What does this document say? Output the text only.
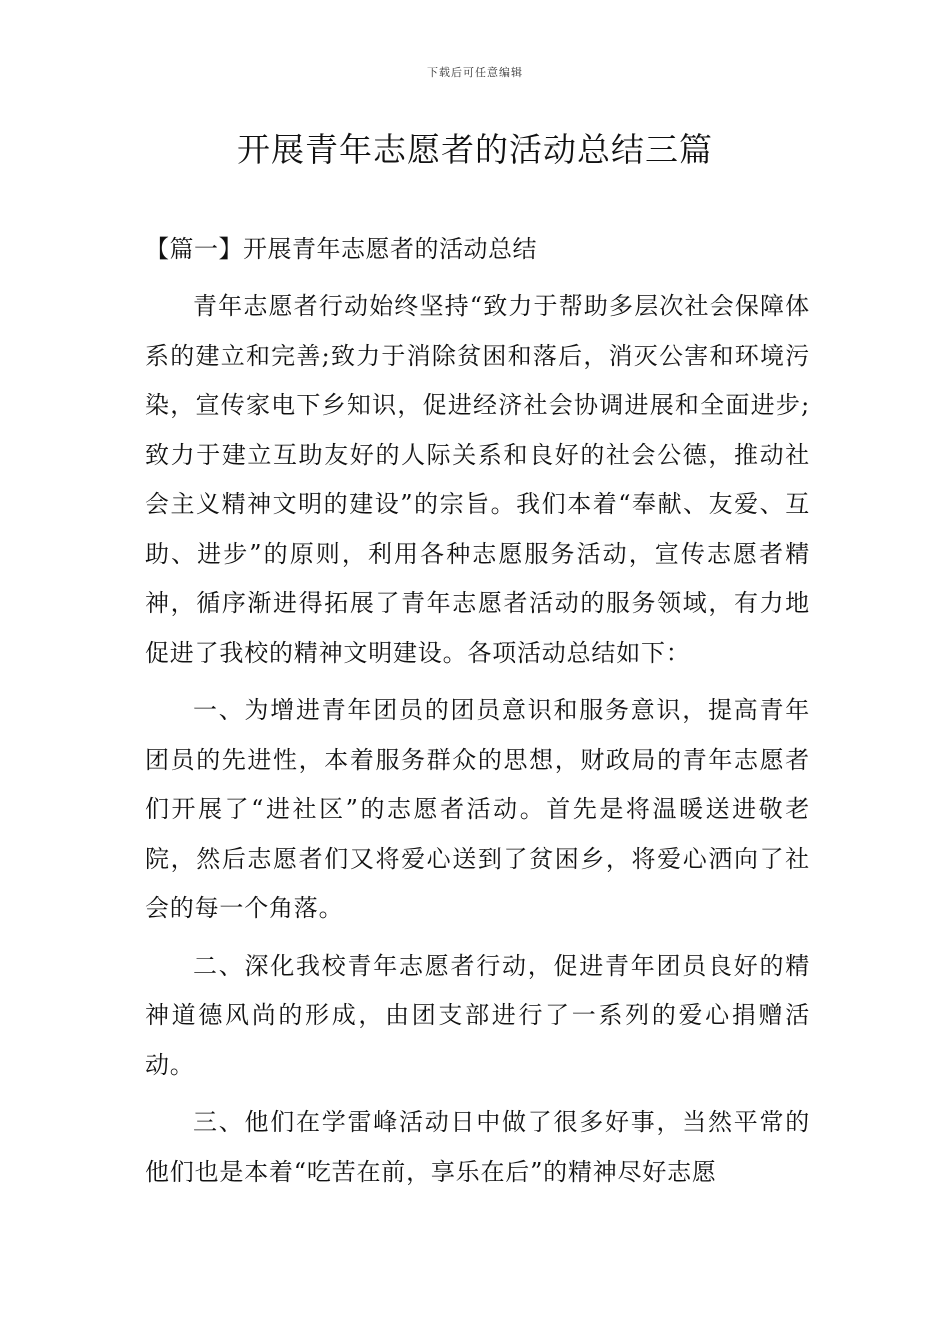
下载后可任意编辑
开展青年志愿者的活动总结三篇
【篇一】开展青年志愿者的活动总结

青年志愿者行动始终坚持“致力于帮助多层次社会保障体系的建立和完善;致力于消除贫困和落后，消灭公害和环境污染，宣传家电下乡知识，促进经济社会协调进展和全面进步;致力于建立互助友好的人际关系和良好的社会公德，推动社会主义精神文明的建设”的宗旨。我们本着“奉献、友爱、互助、进步”的原则，利用各种志愿服务活动，宣传志愿者精神，循序渐进得拓展了青年志愿者活动的服务领域，有力地促进了我校的精神文明建设。各项活动总结如下：

一、为增进青年团员的团员意识和服务意识，提高青年团员的先进性，本着服务群众的思想，财政局的青年志愿者们开展了“进社区”的志愿者活动。首先是将温暖送进敬老院，然后志愿者们又将爱心送到了贫困乡，将爱心洒向了社会的每一个角落。

二、深化我校青年志愿者行动，促进青年团员良好的精神道德风尚的形成，由团支部进行了一系列的爱心捐赠活动。

三、他们在学雷峰活动日中做了很多好事，当然平常的他们也是本着“吃苦在前，享乐在后”的精神尽好志愿
